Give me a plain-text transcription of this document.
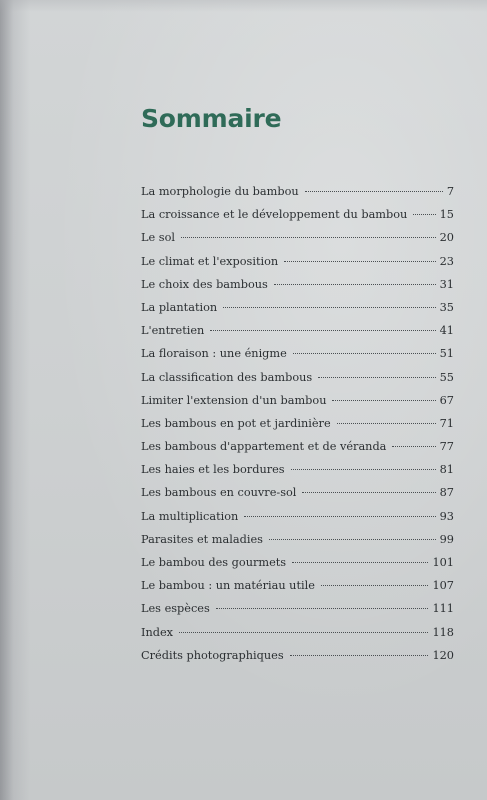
Sommaire
La morphologie du bambou	7
La croissance et le développement du bambou	15
Le sol	20
Le climat et l'exposition	23
Le choix des bambous	31
La plantation	35
L'entretien	41
La floraison : une énigme	51
La classification des bambous	55
Limiter l'extension d'un bambou	67
Les bambous en pot et jardinière	71
Les bambous d'appartement et de véranda	77
Les haies et les bordures	81
Les bambous en couvre-sol	87
La multiplication	93
Parasites et maladies	99
Le bambou des gourmets	101
Le bambou : un matériau utile	107
Les espèces	111
Index	118
Crédits photographiques	120
